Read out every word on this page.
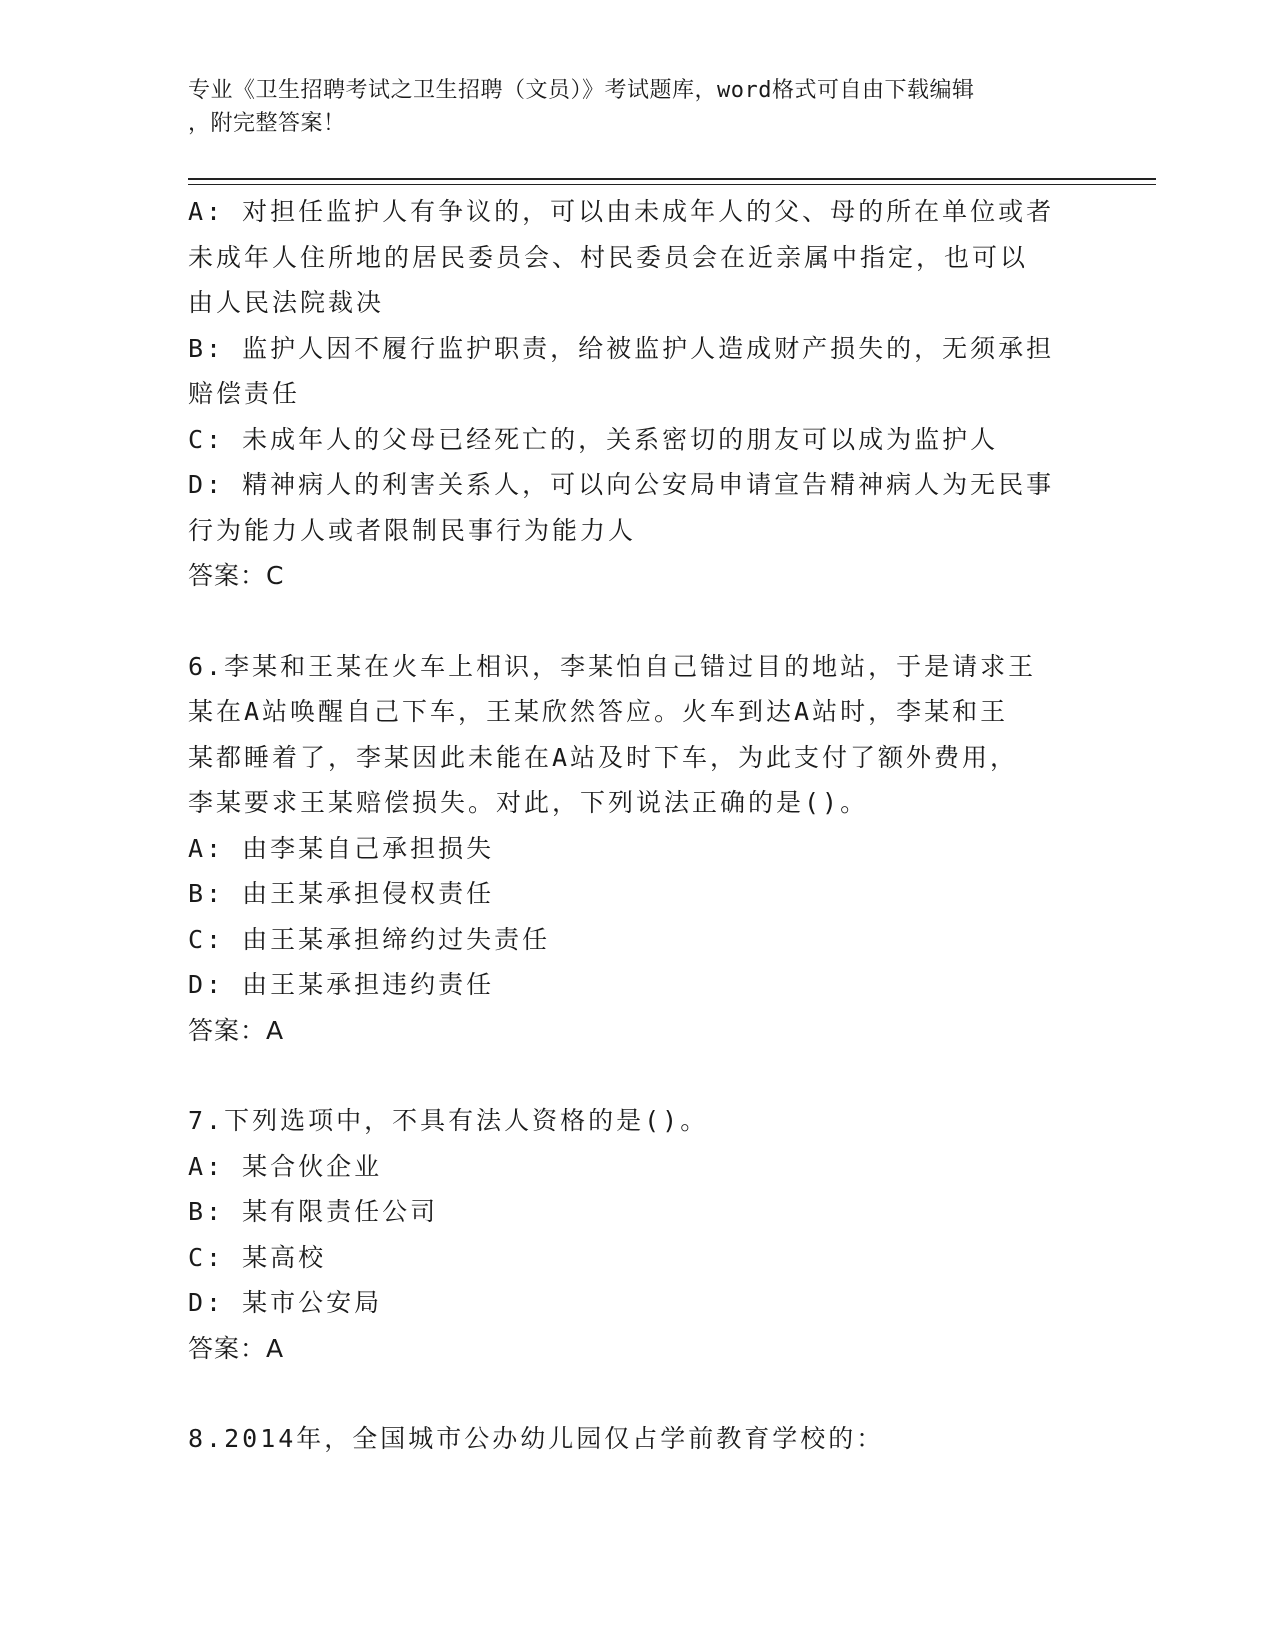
专业《卫生招聘考试之卫生招聘（文员）》考试题库，word格式可自由下载编辑
，附完整答案！
A: 对担任监护人有争议的，可以由未成年人的父、母的所在单位或者
未成年人住所地的居民委员会、村民委员会在近亲属中指定，也可以
由人民法院裁决
B: 监护人因不履行监护职责，给被监护人造成财产损失的，无须承担
赔偿责任
C: 未成年人的父母已经死亡的，关系密切的朋友可以成为监护人
D: 精神病人的利害关系人，可以向公安局申请宣告精神病人为无民事
行为能力人或者限制民事行为能力人
答案：C
6.李某和王某在火车上相识，李某怕自己错过目的地站，于是请求王
某在A站唤醒自己下车，王某欣然答应。火车到达A站时，李某和王
某都睡着了，李某因此未能在A站及时下车，为此支付了额外费用，
李某要求王某赔偿损失。对此，下列说法正确的是()。
A: 由李某自己承担损失
B: 由王某承担侵权责任
C: 由王某承担缔约过失责任
D: 由王某承担违约责任
答案：A
7.下列选项中，不具有法人资格的是()。
A: 某合伙企业
B: 某有限责任公司
C: 某高校
D: 某市公安局
答案：A
8.2014年，全国城市公办幼儿园仅占学前教育学校的：
